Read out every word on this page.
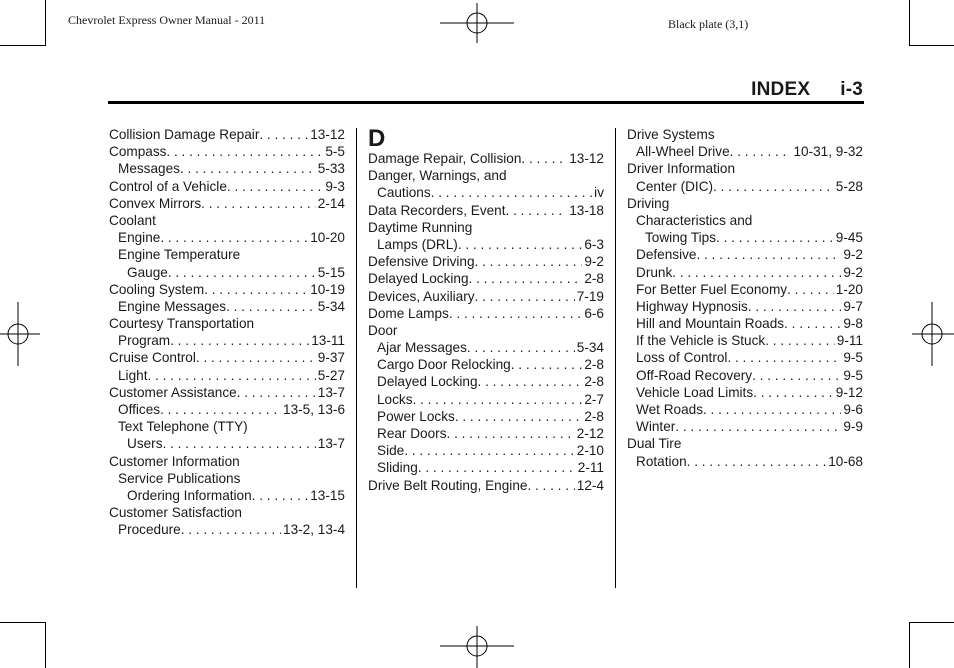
Chevrolet Express Owner Manual - 2011	Black plate (3,1)
INDEX i-3
Collision Damage Repair . . .	13-12
Compass . . .	5-5
Messages . . .	5-33
Control of a Vehicle . . .	9-3
Convex Mirrors . . .	2-14
Coolant
Engine . . .	10-20
Engine Temperature
Gauge . . .	5-15
Cooling System . . .	10-19
Engine Messages . . .	5-34
Courtesy Transportation
Program . . .	13-11
Cruise Control . . .	9-37
Light . . .	5-27
Customer Assistance . . .	13-7
Offices . . .	13-5, 13-6
Text Telephone (TTY)
Users . . .	13-7
Customer Information
Service Publications
Ordering Information . . .	13-15
Customer Satisfaction
Procedure . . .	13-2, 13-4
D
Damage Repair, Collision . . .	13-12
Danger, Warnings, and
Cautions . . .	iv
Data Recorders, Event . . .	13-18
Daytime Running
Lamps (DRL) . . .	6-3
Defensive Driving . . .	9-2
Delayed Locking . . .	2-8
Devices, Auxiliary . . .	7-19
Dome Lamps . . .	6-6
Door
Ajar Messages . . .	5-34
Cargo Door Relocking . . .	2-8
Delayed Locking . . .	2-8
Locks . . .	2-7
Power Locks . . .	2-8
Rear Doors . . .	2-12
Side . . .	2-10
Sliding . . .	2-11
Drive Belt Routing, Engine . . .	12-4
Drive Systems
All-Wheel Drive . . .	10-31, 9-32
Driver Information
Center (DIC) . . .	5-28
Driving
Characteristics and
Towing Tips . . .	9-45
Defensive . . .	9-2
Drunk . . .	9-2
For Better Fuel Economy . . .	1-20
Highway Hypnosis . . .	9-7
Hill and Mountain Roads . . .	9-8
If the Vehicle is Stuck . . .	9-11
Loss of Control . . .	9-5
Off-Road Recovery . . .	9-5
Vehicle Load Limits . . .	9-12
Wet Roads . . .	9-6
Winter . . .	9-9
Dual Tire
Rotation . . .	10-68
